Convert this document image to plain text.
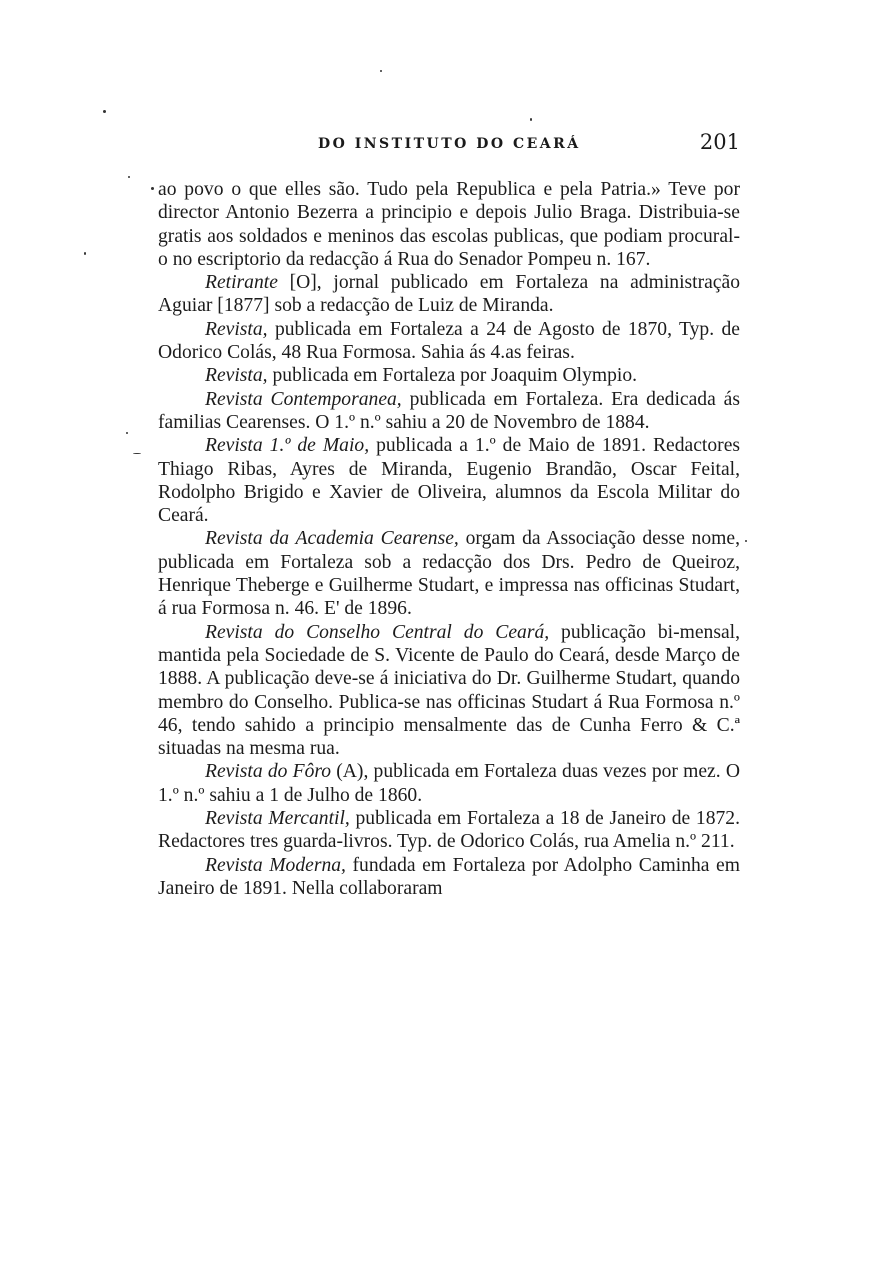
DO INSTITUTO DO CEARÁ	201

ao povo o que elles são. Tudo pela Republica e pela Patria.» Teve por director Antonio Bezerra a principio e depois Julio Braga. Distribuia-se gratis aos soldados e meninos das escolas publicas, que podiam procural-o no escriptorio da redacção á Rua do Senador Pompeu n. 167.

Retirante [O], jornal publicado em Fortaleza na administração Aguiar [1877] sob a redacção de Luiz de Miranda.

Revista, publicada em Fortaleza a 24 de Agosto de 1870, Typ. de Odorico Colás, 48 Rua Formosa. Sahia ás 4.as feiras.

Revista, publicada em Fortaleza por Joaquim Olympio.

Revista Contemporanea, publicada em Fortaleza. Era dedicada ás familias Cearenses. O 1.º n.º sahiu a 20 de Novembro de 1884.

Revista 1.º de Maio, publicada a 1.º de Maio de 1891. Redactores Thiago Ribas, Ayres de Miranda, Eugenio Brandão, Oscar Feital, Rodolpho Brigido e Xavier de Oliveira, alumnos da Escola Militar do Ceará.

Revista da Academia Cearense, orgam da Associação desse nome, publicada em Fortaleza sob a redacção dos Drs. Pedro de Queiroz, Henrique Theberge e Guilherme Studart, e impressa nas officinas Studart, á rua Formosa n. 46. E' de 1896.

Revista do Conselho Central do Ceará, publicação bi-mensal, mantida pela Sociedade de S. Vicente de Paulo do Ceará, desde Março de 1888. A publicação deve-se á iniciativa do Dr. Guilherme Studart, quando membro do Conselho. Publica-se nas officinas Studart á Rua Formosa n.º 46, tendo sahido a principio mensalmente das de Cunha Ferro & C.ª situadas na mesma rua.

Revista do Fôro (A), publicada em Fortaleza duas vezes por mez. O 1.º n.º sahiu a 1 de Julho de 1860.

Revista Mercantil, publicada em Fortaleza a 18 de Janeiro de 1872. Redactores tres guarda-livros. Typ. de Odorico Colás, rua Amelia n.º 211.

Revista Moderna, fundada em Fortaleza por Adolpho Caminha em Janeiro de 1891. Nella collaboraram
